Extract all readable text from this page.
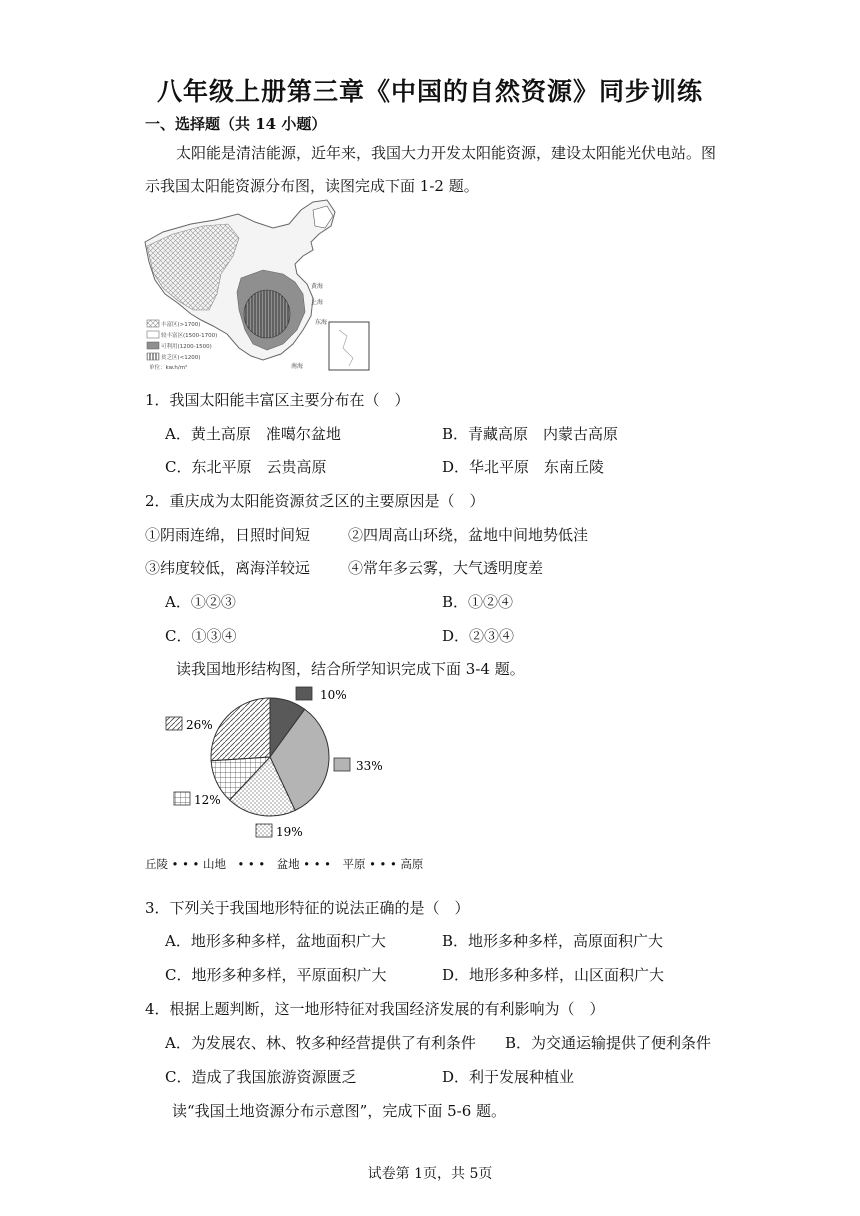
八年级上册第三章《中国的自然资源》同步训练
一、选择题（共 14 小题）
太阳能是清洁能源，近年来，我国大力开发太阳能资源，建设太阳能光伏电站。图
示我国太阳能资源分布图，读图完成下面 1-2 题。
丰富区(>1700)
较丰富区(1500-1700)
可利用(1200-1500)
贫乏区(<1200)
单位：kw.h/m²
黄海
上海
东海
南海
1．我国太阳能丰富区主要分布在（　）
A．黄土高原　准噶尔盆地	B．青藏高原　内蒙古高原
C．东北平原　云贵高原	D．华北平原　东南丘陵
2．重庆成为太阳能资源贫乏区的主要原因是（　）
①阴雨连绵，日照时间短	②四周高山环绕，盆地中间地势低洼
③纬度较低，离海洋较远	④常年多云雾，大气透明度差
A．①②③	B．①②④
C．①③④	D．②③④
读我国地形结构图，结合所学知识完成下面 3-4 题。
10%
33%
19%
12%
26%
丘陵 • • • 山地　• • •　盆地 • • •　平原 • • • 高原
3．下列关于我国地形特征的说法正确的是（　）
A．地形多种多样，盆地面积广大	B．地形多种多样，高原面积广大
C．地形多种多样，平原面积广大	D．地形多种多样，山区面积广大
4．根据上题判断，这一地形特征对我国经济发展的有利影响为（　）
A．为发展农、林、牧多种经营提供了有利条件 B．为交通运输提供了便利条件
C．造成了我国旅游资源匮乏	D．利于发展种植业
读“我国土地资源分布示意图”，完成下面 5-6 题。
试卷第 1页，共 5页
